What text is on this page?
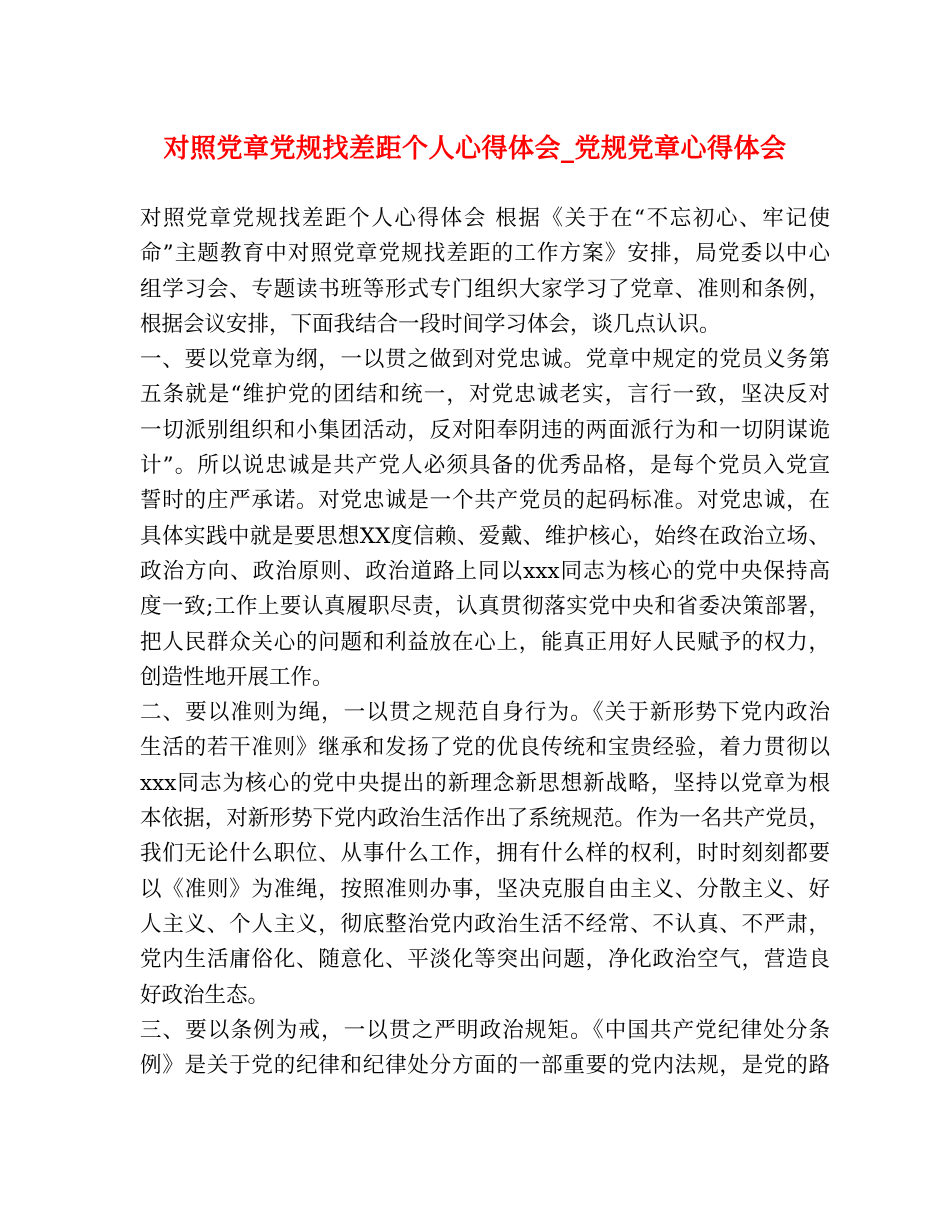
对照党章党规找差距个人心得体会_党规党章心得体会
对照党章党规找差距个人心得体会 根据《关于在“不忘初心、牢记使
命”主题教育中对照党章党规找差距的工作方案》安排，局党委以中心
组学习会、专题读书班等形式专门组织大家学习了党章、准则和条例，
根据会议安排，下面我结合一段时间学习体会，谈几点认识。
一、要以党章为纲，一以贯之做到对党忠诚。党章中规定的党员义务第
五条就是“维护党的团结和统一，对党忠诚老实，言行一致，坚决反对
一切派别组织和小集团活动，反对阳奉阴违的两面派行为和一切阴谋诡
计”。所以说忠诚是共产党人必须具备的优秀品格，是每个党员入党宣
誓时的庄严承诺。对党忠诚是一个共产党员的起码标准。对党忠诚，在
具体实践中就是要思想XX度信赖、爱戴、维护核心，始终在政治立场、
政治方向、政治原则、政治道路上同以xxx同志为核心的党中央保持高
度一致;工作上要认真履职尽责，认真贯彻落实党中央和省委决策部署，
把人民群众关心的问题和利益放在心上，能真正用好人民赋予的权力，
创造性地开展工作。
二、要以准则为绳，一以贯之规范自身行为。《关于新形势下党内政治
生活的若干准则》继承和发扬了党的优良传统和宝贵经验，着力贯彻以
xxx同志为核心的党中央提出的新理念新思想新战略，坚持以党章为根
本依据，对新形势下党内政治生活作出了系统规范。作为一名共产党员，
我们无论什么职位、从事什么工作，拥有什么样的权利，时时刻刻都要
以《准则》为准绳，按照准则办事，坚决克服自由主义、分散主义、好
人主义、个人主义，彻底整治党内政治生活不经常、不认真、不严肃，
党内生活庸俗化、随意化、平淡化等突出问题，净化政治空气，营造良
好政治生态。
三、要以条例为戒，一以贯之严明政治规矩。《中国共产党纪律处分条
例》是关于党的纪律和纪律处分方面的一部重要的党内法规，是党的路
